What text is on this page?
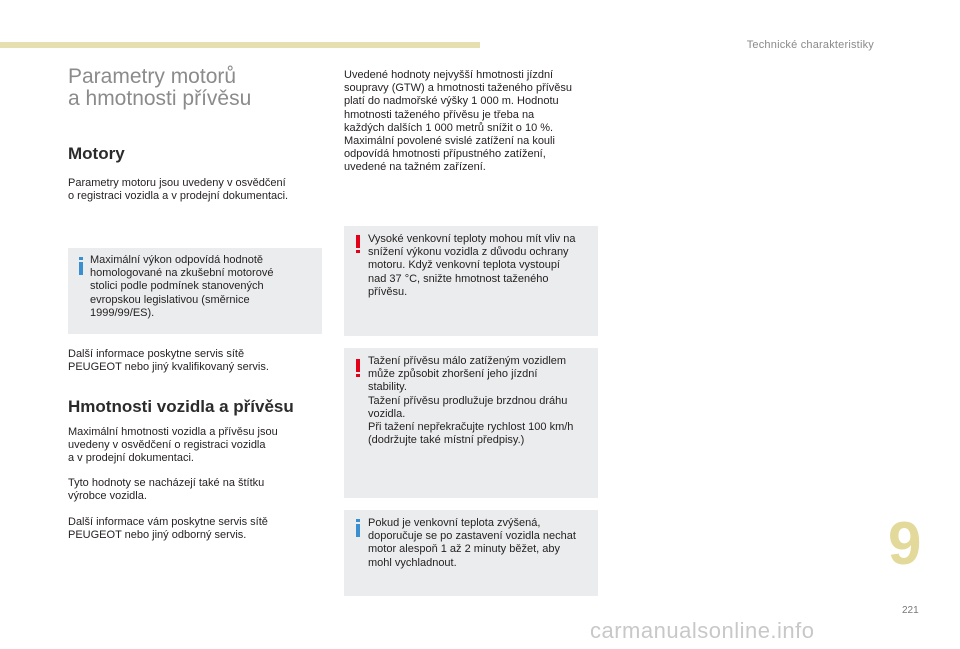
Technické charakteristiky
Parametry motorů
a hmotnosti přívěsu
Motory

Parametry motoru jsou uvedeny v osvědčení
o registraci vozidla a v prodejní dokumentaci.

Maximální výkon odpovídá hodnotě
homologované na zkušební motorové
stolici podle podmínek stanovených
evropskou legislativou (směrnice
1999/99/ES).

Další informace poskytne servis sítě
PEUGEOT nebo jiný kvalifikovaný servis.

Hmotnosti vozidla a přívěsu

Maximální hmotnosti vozidla a přívěsu jsou
uvedeny v osvědčení o registraci vozidla
a v prodejní dokumentaci.

Tyto hodnoty se nacházejí také na štítku
výrobce vozidla.

Další informace vám poskytne servis sítě
PEUGEOT nebo jiný odborný servis.

Uvedené hodnoty nejvyšší hmotnosti jízdní
soupravy (GTW) a hmotnosti taženého přívěsu
platí do nadmořské výšky 1 000 m. Hodnotu
hmotnosti taženého přívěsu je třeba na
každých dalších 1 000 metrů snížit o 10 %.
Maximální povolené svislé zatížení na kouli
odpovídá hmotnosti přípustného zatížení,
uvedené na tažném zařízení.

Vysoké venkovní teploty mohou mít vliv na
snížení výkonu vozidla z důvodu ochrany
motoru. Když venkovní teplota vystoupí
nad 37 °C, snižte hmotnost taženého
přívěsu.

Tažení přívěsu málo zatíženým vozidlem
může způsobit zhoršení jeho jízdní
stability.
Tažení přívěsu prodlužuje brzdnou dráhu
vozidla.
Při tažení nepřekračujte rychlost 100 km/h
(dodržujte také místní předpisy.)

Pokud je venkovní teplota zvýšená,
doporučuje se po zastavení vozidla nechat
motor alespoň 1 až 2 minuty běžet, aby
mohl vychladnout.	9
221
carmanualsonline.info
